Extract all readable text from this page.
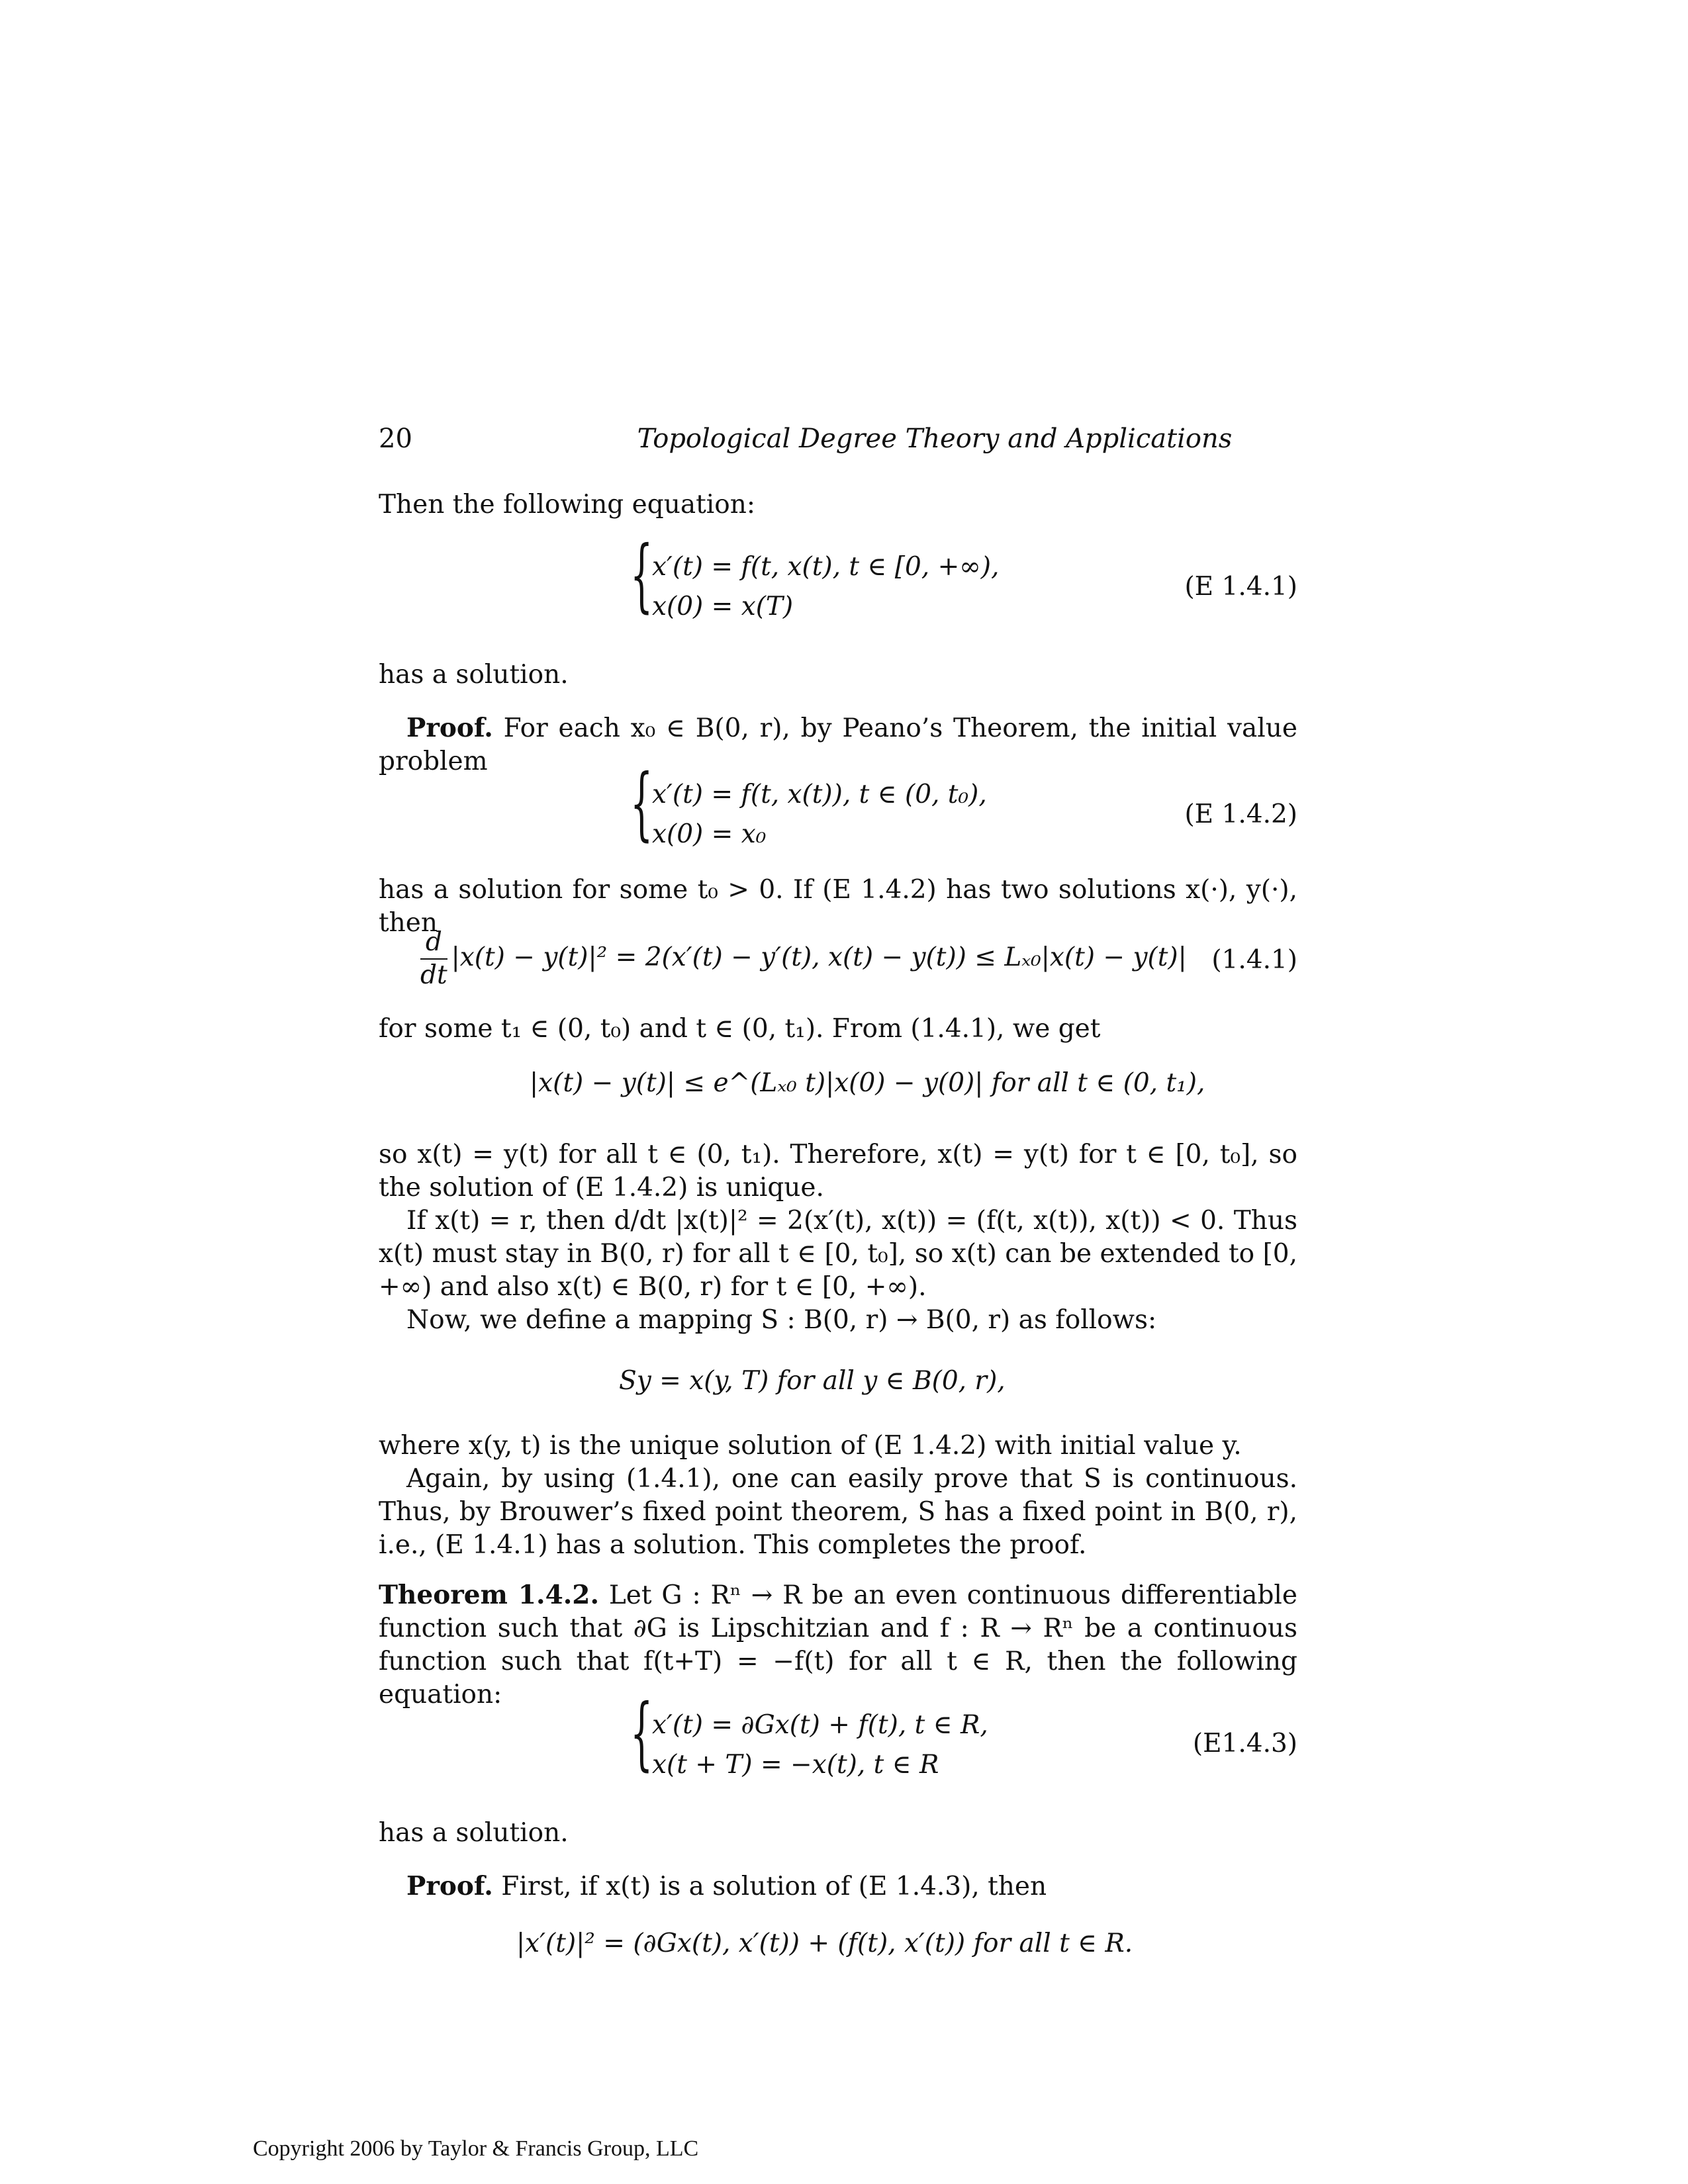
20	Topological Degree Theory and Applications
Then the following equation:
{
x′(t) = f(t, x(t), t ∈ [0, +∞),
x(0) = x(T)
(E 1.4.1)
has a solution.
Proof. For each x₀ ∈ B(0, r), by Peano’s Theorem, the initial value problem	{
x′(t) = f(t, x(t)), t ∈ (0, t₀),
x(0) = x₀
(E 1.4.2)
has a solution for some t₀ > 0. If (E 1.4.2) has two solutions x(·), y(·), then
$\frac{d}{dt} |x(t) - y(t)|^2 = 2(x'(t) - y'(t)$, x(t) − y(t)) ≤ Lₓ₀|x(t) − y(t)| (1.4.1)
for some t₁ ∈ (0, t₀) and t ∈ (0, t₁). From (1.4.1), we get
|x(t) − y(t)| ≤ e^(Lₓ₀ t)|x(0) − y(0)| for all t ∈ (0, t₁),
so x(t) = y(t) for all t ∈ (0, t₁). Therefore, x(t) = y(t) for t ∈ [0, t₀], so the solution of (E 1.4.2) is unique.
If x(t) = r, then d/dt |x(t)|² = 2(x′(t), x(t)) = (f(t, x(t)), x(t)) < 0. Thus x(t) must stay in B(0, r) for all t ∈ [0, t₀], so x(t) can be extended to [0, +∞) and also x(t) ∈ B(0, r) for t ∈ [0, +∞).
Now, we define a mapping S : B(0, r) → B(0, r) as follows:
Sy = x(y, T) for all y ∈ B(0, r),
where x(y, t) is the unique solution of (E 1.4.2) with initial value y.
Again, by using (1.4.1), one can easily prove that S is continuous. Thus, by Brouwer’s fixed point theorem, S has a fixed point in B(0, r), i.e., (E 1.4.1) has a solution. This completes the proof.
Theorem 1.4.2. Let G : Rⁿ → R be an even continuous differentiable function such that ∂G is Lipschitzian and f : R → Rⁿ be a continuous function such that f(t+T) = −f(t) for all t ∈ R, then the following equation:	{
x′(t) = ∂Gx(t) + f(t), t ∈ R,
x(t + T) = −x(t), t ∈ R
(E1.4.3)
has a solution.
Proof. First, if x(t) is a solution of (E 1.4.3), then
|x′(t)|² = (∂Gx(t), x′(t)) + (f(t), x′(t)) for all t ∈ R.
Copyright 2006 by Taylor & Francis Group, LLC
